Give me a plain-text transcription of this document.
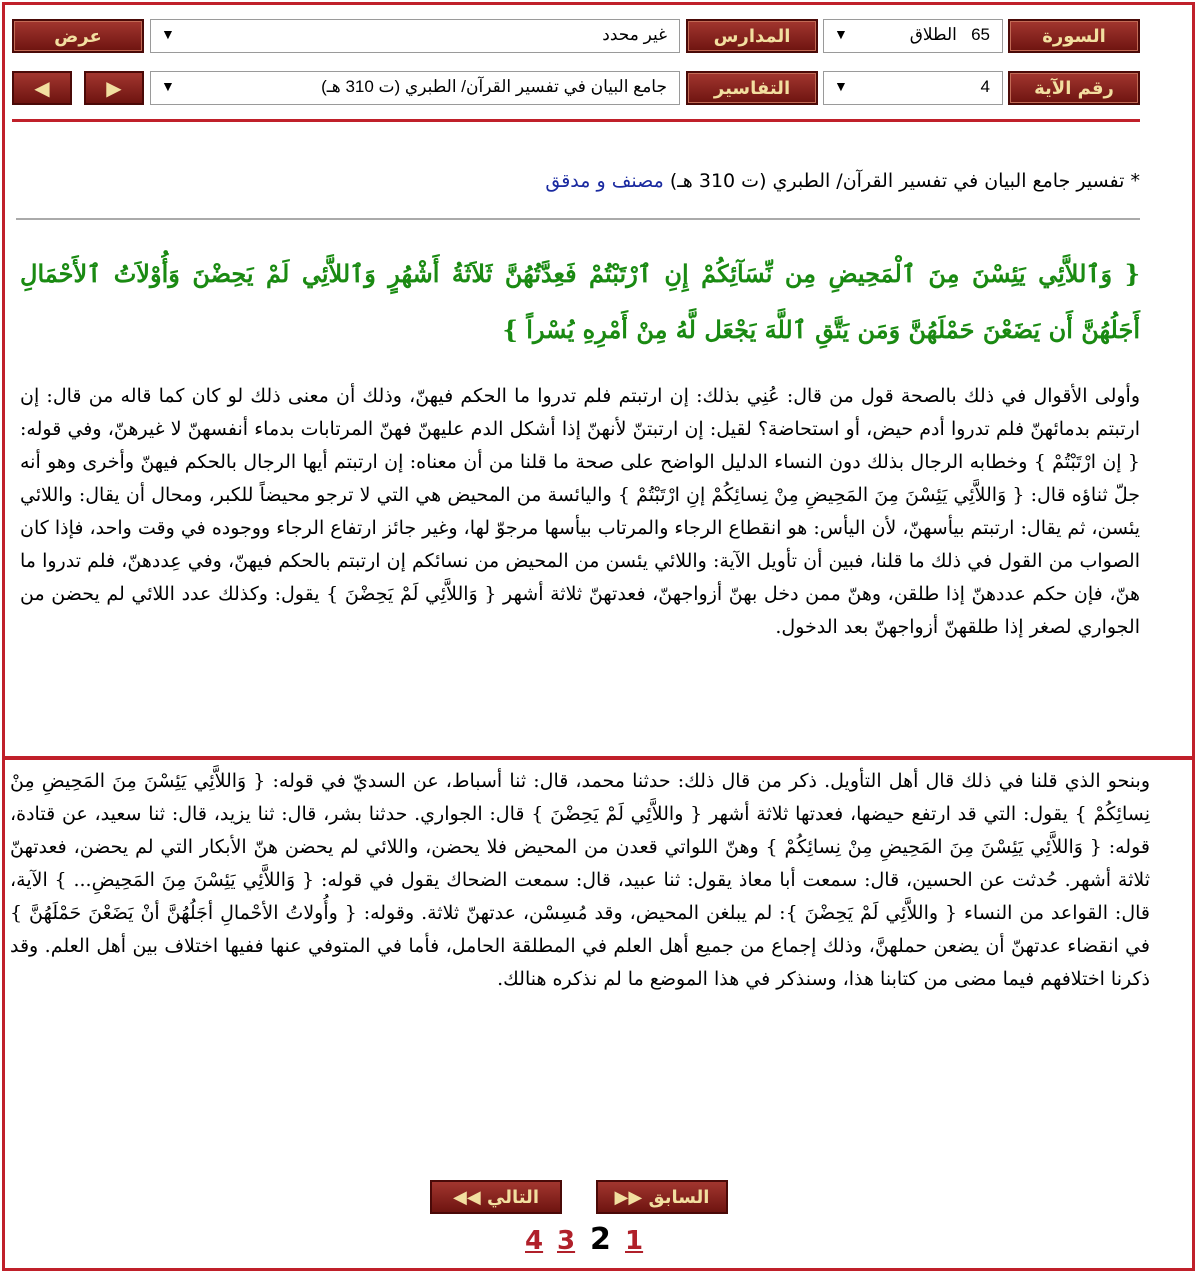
السورة
▼	65   الطلاق
المدارس
▼	غير محدد
عرض
رقم الآية
▼	4
التفاسير
▼	جامع البيان في تفسير القرآن/ الطبري (ت 310 هـ)
▶
◀
* تفسير جامع البيان في تفسير القرآن/ الطبري (ت 310 هـ) مصنف و مدقق
{ وَٱللاَّئِي يَئِسْنَ مِنَ ٱلْمَحِيضِ مِن نِّسَآئِكُمْ إِنِ ٱرْتَبْتُمْ فَعِدَّتُهُنَّ ثَلاَثَةُ أَشْهُرٍ وَٱللاَّئِي لَمْ يَحِضْنَ وَأُوْلاَتُ ٱلأَحْمَالِ أَجَلُهُنَّ أَن يَضَعْنَ حَمْلَهُنَّ وَمَن يَتَّقِ ٱللَّهَ يَجْعَل لَّهُ مِنْ أَمْرِهِ يُسْراً }
وأولى الأقوال في ذلك بالصحة قول من قال: عُنِي بذلك: إن ارتبتم فلم تدروا ما الحكم فيهنّ، وذلك أن معنى ذلك لو كان كما قاله من قال: إن ارتبتم بدمائهنّ فلم تدروا أدم حيض، أو استحاضة؟ لقيل: إن ارتبتنّ لأنهنّ إذا أشكل الدم عليهنّ فهنّ المرتابات بدماء أنفسهنّ لا غيرهنّ، وفي قوله: { إن ارْتَبْتُمْ } وخطابه الرجال بذلك دون النساء الدليل الواضح على صحة ما قلنا من أن معناه: إن ارتبتم أيها الرجال بالحكم فيهنّ وأخرى وهو أنه جلّ ثناؤه قال: { وَاللاَّئِي يَئِسْنَ مِنَ المَحِيضِ مِنْ نِسائِكُمْ إنِ ارْتَبْتُمْ } واليائسة من المحيض هي التي لا ترجو محيضاً للكبر، ومحال أن يقال: واللائي يئسن، ثم يقال: ارتبتم بيأسهنّ، لأن اليأس: هو انقطاع الرجاء والمرتاب بيأسها مرجوّ لها، وغير جائز ارتفاع الرجاء ووجوده في وقت واحد، فإذا كان الصواب من القول في ذلك ما قلنا، فبين أن تأويل الآية: واللائي يئسن من المحيض من نسائكم إن ارتبتم بالحكم فيهنّ، وفي عِددهنّ، فلم تدروا ما هنّ، فإن حكم عددهنّ إذا طلقن، وهنّ ممن دخل بهنّ أزواجهنّ، فعدتهنّ ثلاثة أشهر { وَاللاَّئِي لَمْ يَحِضْنَ } يقول: وكذلك عدد اللائي لم يحضن من الجواري لصغر إذا طلقهنّ أزواجهنّ بعد الدخول.
وبنحو الذي قلنا في ذلك قال أهل التأويل. ذكر من قال ذلك: حدثنا محمد، قال: ثنا أسباط، عن السديّ في قوله: { وَاللاَّئِي يَئِسْنَ مِنَ المَحِيضِ مِنْ نِسائِكُمْ } يقول: التي قد ارتفع حيضها، فعدتها ثلاثة أشهر { واللاَّئِي لَمْ يَحِضْنَ } قال: الجواري. حدثنا بشر، قال: ثنا يزيد، قال: ثنا سعيد، عن قتادة، قوله: { وَاللاَّئِي يَئِسْنَ مِنَ المَحِيضِ مِنْ نِسائِكُمْ } وهنّ اللواتي قعدن من المحيض فلا يحضن، واللائي لم يحضن هنّ الأبكار التي لم يحضن، فعدتهنّ ثلاثة أشهر. حُدثت عن الحسين، قال: سمعت أبا معاذ يقول: ثنا عبيد، قال: سمعت الضحاك يقول في قوله: { وَاللاَّئِي يَئِسْنَ مِنَ المَحِيضِ... } الآية، قال: القواعد من النساء { واللاَّئِي لَمْ يَحِضْنَ }: لم يبلغن المحيض، وقد مُسِسْن، عدتهنّ ثلاثة. وقوله: { وأُولاتُ الأحْمالِ أجَلُهُنَّ أنْ يَضَعْنَ حَمْلَهُنَّ } في انقضاء عدتهنّ أن يضعن حملهنَّ، وذلك إجماع من جميع أهل العلم في المطلقة الحامل، فأما في المتوفي عنها ففيها اختلاف بين أهل العلم. وقد ذكرنا اختلافهم فيما مضى من كتابنا هذا، وسنذكر في هذا الموضع ما لم نذكره هنالك.
التالي

◀◀	السابق

▶▶
4 3 2 1
